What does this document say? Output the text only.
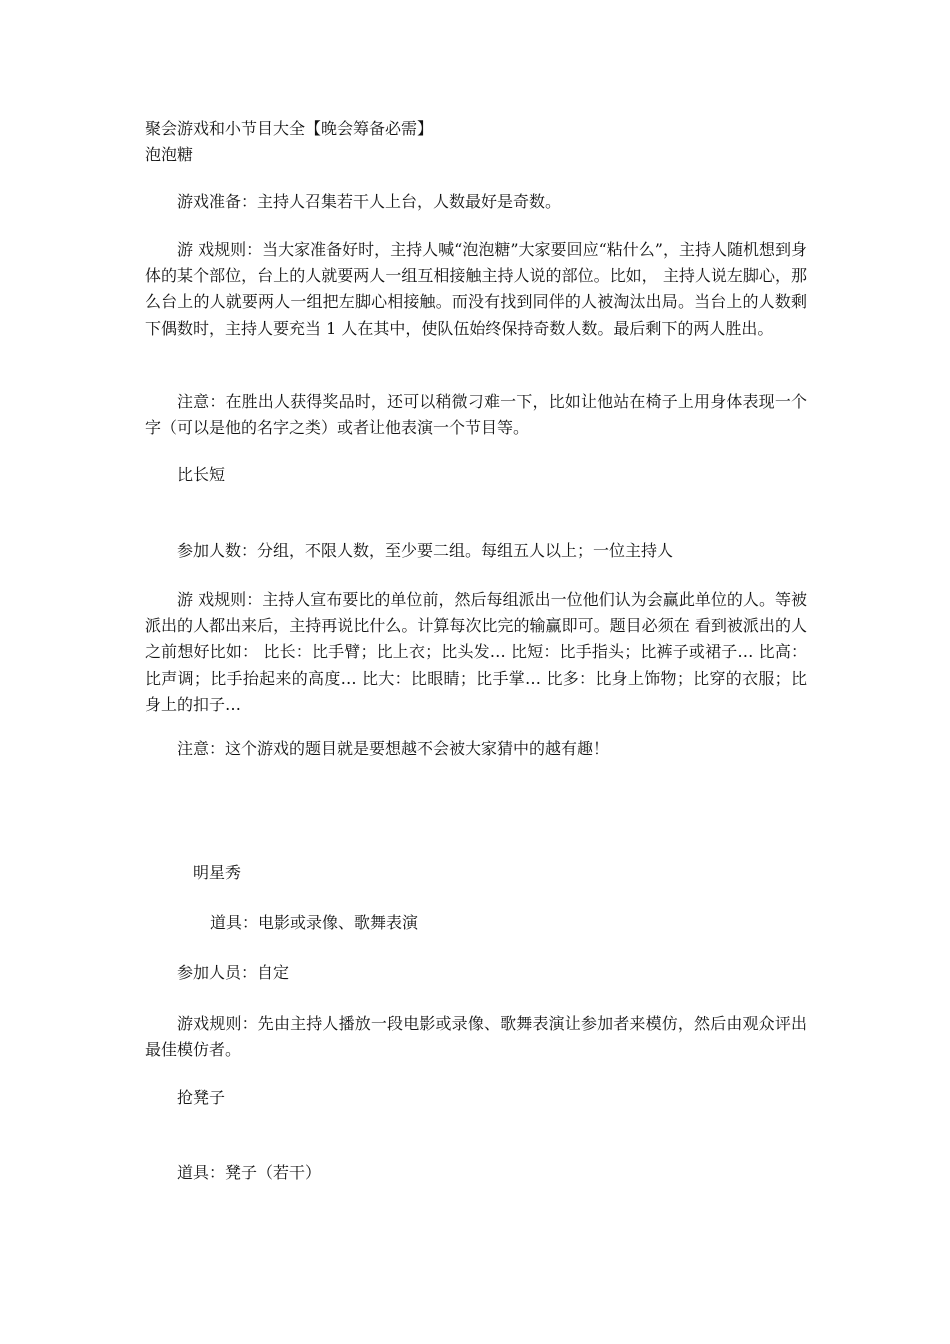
聚会游戏和小节目大全【晚会筹备必需】
泡泡糖
游戏准备：主持人召集若干人上台，人数最好是奇数。

游 戏规则：当大家准备好时，主持人喊“泡泡糖”大家要回应“粘什么”，主持人随机想到身体的某个部位，台上的人就要两人一组互相接触主持人说的部位。比如， 主持人说左脚心，那么台上的人就要两人一组把左脚心相接触。而没有找到同伴的人被淘汰出局。当台上的人数剩下偶数时，主持人要充当 1 人在其中，使队伍始终保持奇数人数。最后剩下的两人胜出。

注意：在胜出人获得奖品时，还可以稍微刁难一下，比如让他站在椅子上用身体表现一个字（可以是他的名字之类）或者让他表演一个节目等。

比长短
参加人数：分组，不限人数，至少要二组。每组五人以上；一位主持人

游 戏规则：主持人宣布要比的单位前，然后每组派出一位他们认为会赢此单位的人。等被派出的人都出来后，主持再说比什么。计算每次比完的输赢即可。题目必须在 看到被派出的人之前想好比如： 比长：比手臂；比上衣；比头发… 比短：比手指头；比裤子或裙子… 比高：比声调；比手抬起来的高度… 比大：比眼睛；比手掌… 比多：比身上饰物；比穿的衣服；比身上的扣子…

注意：这个游戏的题目就是要想越不会被大家猜中的越有趣！
明星秀
道具：电影或录像、歌舞表演
参加人员：自定

游戏规则：先由主持人播放一段电影或录像、歌舞表演让参加者来模仿，然后由观众评出最佳模仿者。

抢凳子
道具：凳子（若干）
